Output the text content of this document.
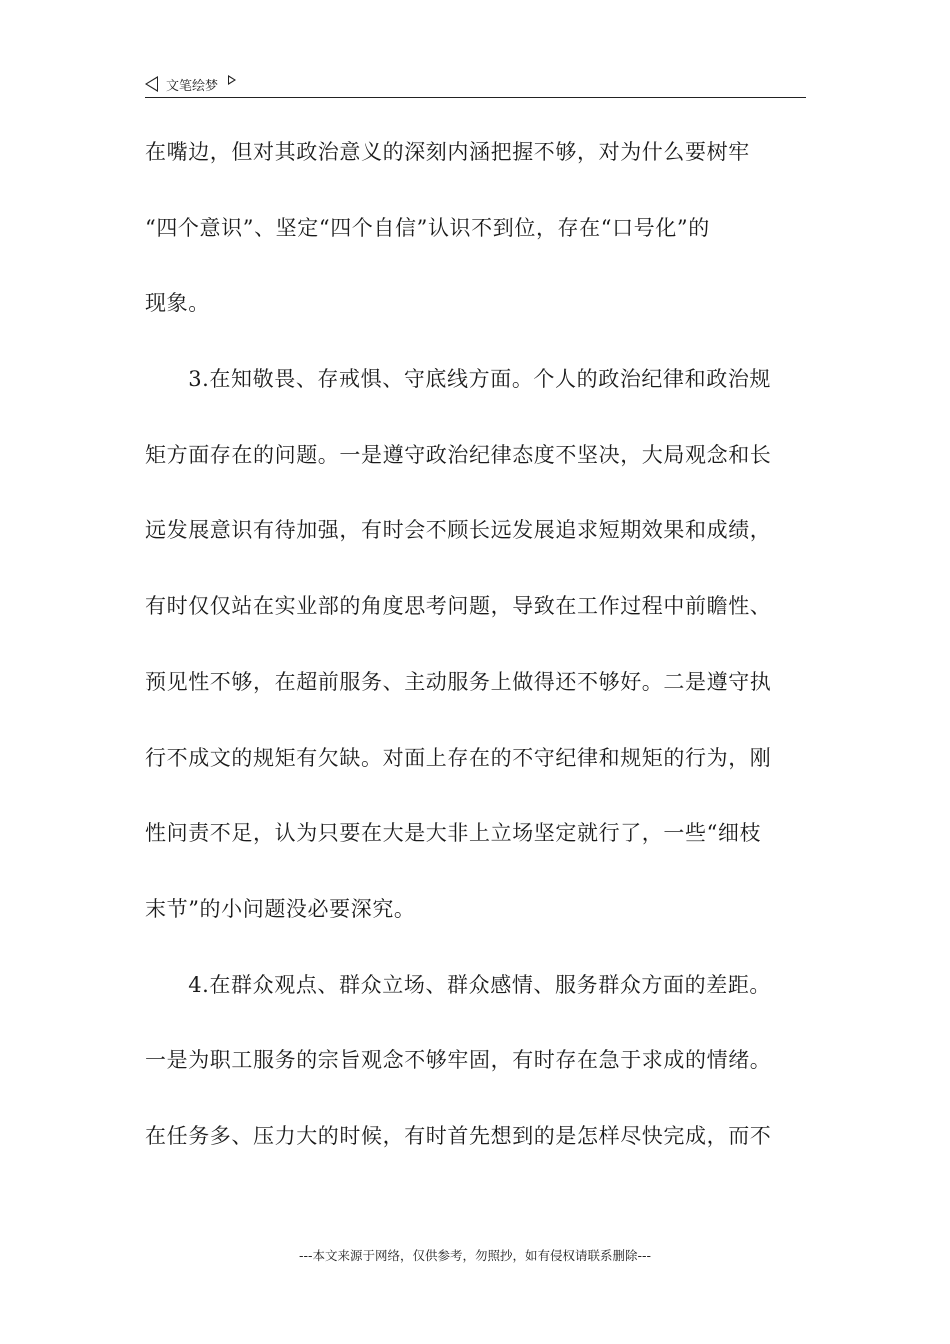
文笔绘梦
在嘴边，但对其政治意义的深刻内涵把握不够，对为什么要树牢
“四个意识”、坚定“四个自信”认识不到位，存在“口号化”的
现象。
　　3.在知敬畏、存戒惧、守底线方面。个人的政治纪律和政治规
矩方面存在的问题。一是遵守政治纪律态度不坚决，大局观念和长
远发展意识有待加强，有时会不顾长远发展追求短期效果和成绩，
有时仅仅站在实业部的角度思考问题，导致在工作过程中前瞻性、
预见性不够，在超前服务、主动服务上做得还不够好。二是遵守执
行不成文的规矩有欠缺。对面上存在的不守纪律和规矩的行为，刚
性问责不足，认为只要在大是大非上立场坚定就行了，一些“细枝
末节”的小问题没必要深究。
　　4.在群众观点、群众立场、群众感情、服务群众方面的差距。
一是为职工服务的宗旨观念不够牢固，有时存在急于求成的情绪。
在任务多、压力大的时候，有时首先想到的是怎样尽快完成，而不
---本文来源于网络，仅供参考，勿照抄，如有侵权请联系删除---
